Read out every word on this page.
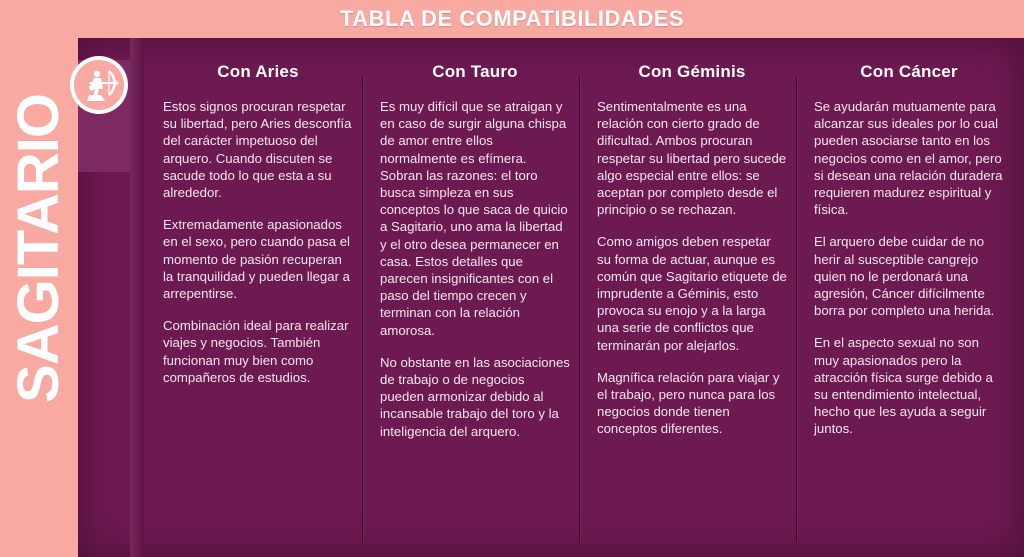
TABLA DE COMPATIBILIDADES
SAGITARIO
Con Aries

Estos signos procuran respetar su libertad, pero Aries desconfía del carácter impetuoso del arquero. Cuando discuten se sacude todo lo que esta a su alrededor.

Extremadamente apasionados en el sexo, pero cuando pasa el momento de pasión recuperan la tranquilidad y pueden llegar a arrepentirse.

Combinación ideal para realizar viajes y negocios. También funcionan muy bien como compañeros de estudios.

Con Tauro

Es muy difícil que se atraigan y en caso de surgir alguna chispa de amor entre ellos normalmente es efímera. Sobran las razones: el toro busca simpleza en sus conceptos lo que saca de quicio a Sagitario, uno ama la libertad y el otro desea permanecer en casa. Estos detalles que parecen insignificantes con el paso del tiempo crecen y terminan con la relación amorosa.

No obstante en las asociaciones de trabajo o de negocios pueden armonizar debido al incansable trabajo del toro y la inteligencia del arquero.

Con Géminis

Sentimentalmente es una relación con cierto grado de dificultad. Ambos procuran respetar su libertad pero sucede algo especial entre ellos: se aceptan por completo desde el principio o se rechazan.

Como amigos deben respetar su forma de actuar, aunque es común que Sagitario etiquete de imprudente a Géminis, esto provoca su enojo y a la larga una serie de conflictos que terminarán por alejarlos.

Magnífica relación para viajar y el trabajo, pero nunca para los negocios donde tienen conceptos diferentes.

Con Cáncer

Se ayudarán mutuamente para alcanzar sus ideales por lo cual pueden asociarse tanto en los negocios como en el amor, pero si desean una relación duradera requieren madurez espiritual y física.

El arquero debe cuidar de no herir al susceptible cangrejo quien no le perdonará una agresión, Cáncer difícilmente borra por completo una herida.

En el aspecto sexual no son muy apasionados pero la atracción física surge debido a su entendimiento intelectual, hecho que les ayuda a seguir juntos.
